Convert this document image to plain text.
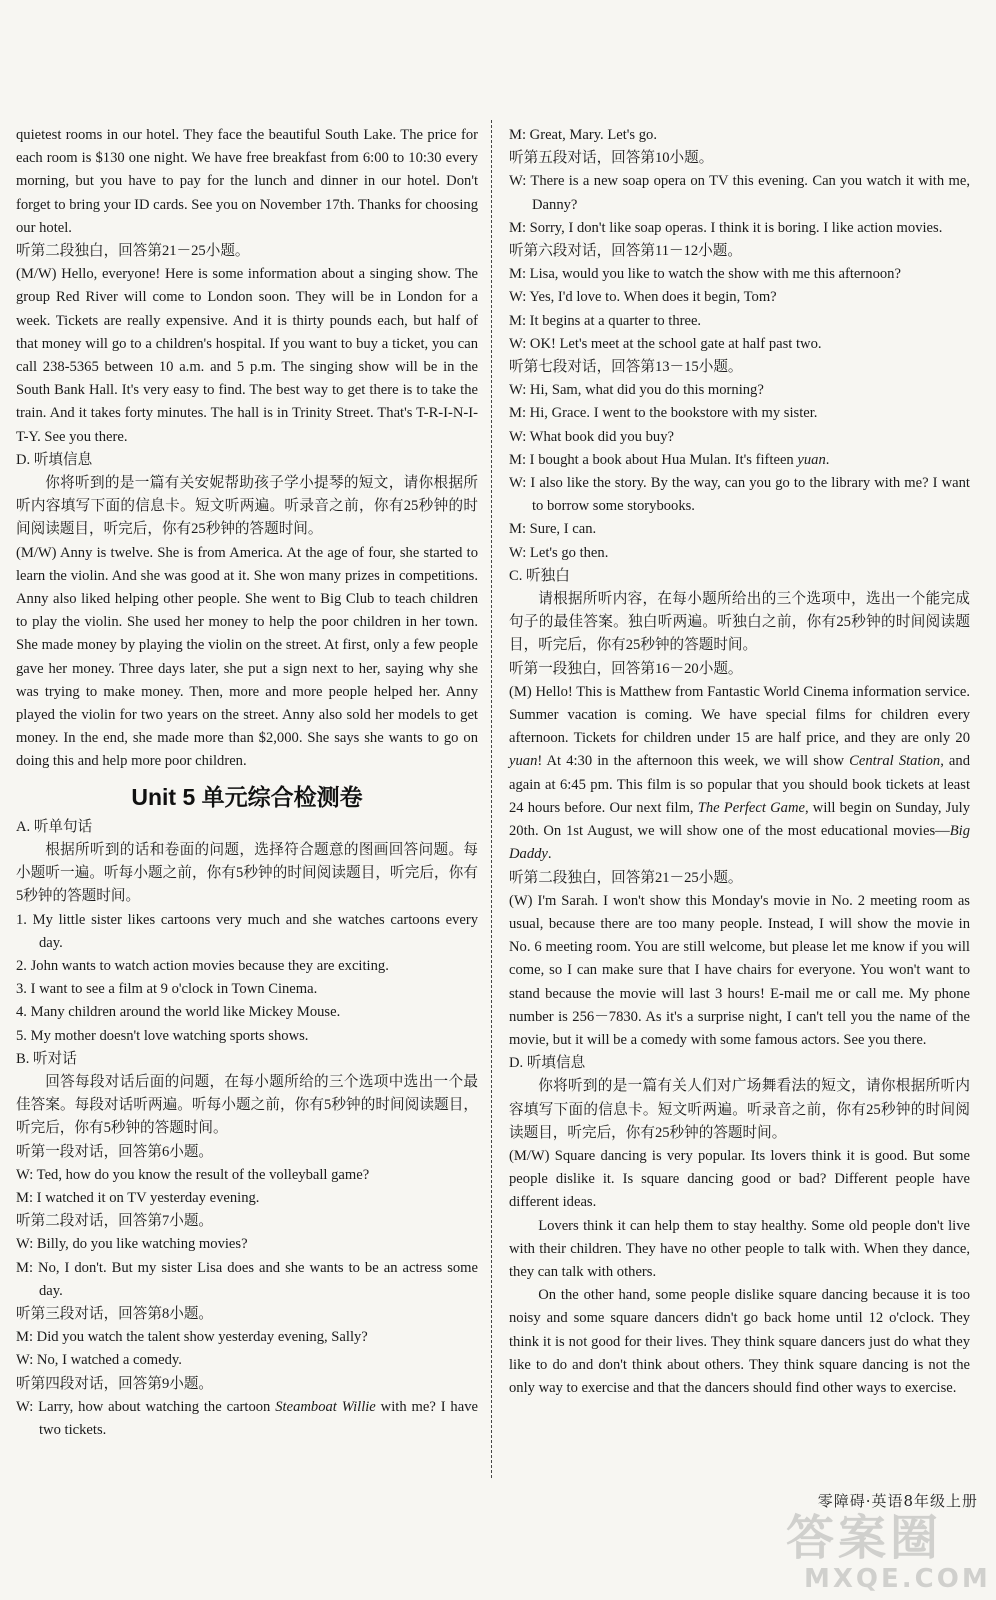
quietest rooms in our hotel. They face the beautiful South Lake. The price for each room is $130 one night. We have free breakfast from 6:00 to 10:30 every morning, but you have to pay for the lunch and dinner in our hotel. Don't forget to bring your ID cards. See you on November 17th. Thanks for choosing our hotel.

听第二段独白，回答第21－25小题。

(M/W) Hello, everyone! Here is some information about a singing show. The group Red River will come to London soon. They will be in London for a week. Tickets are really expensive. And it is thirty pounds each, but half of that money will go to a children's hospital. If you want to buy a ticket, you can call 238-5365 between 10 a.m. and 5 p.m. The singing show will be in the South Bank Hall. It's very easy to find. The best way to get there is to take the train. And it takes forty minutes. The hall is in Trinity Street. That's T-R-I-N-I-T-Y. See you there.

D. 听填信息

你将听到的是一篇有关安妮帮助孩子学小提琴的短文，请你根据所听内容填写下面的信息卡。短文听两遍。听录音之前，你有25秒钟的时间阅读题目，听完后，你有25秒钟的答题时间。

(M/W) Anny is twelve. She is from America. At the age of four, she started to learn the violin. And she was good at it. She won many prizes in competitions. Anny also liked helping other people. She went to Big Club to teach children to play the violin. She used her money to help the poor children in her town. She made money by playing the violin on the street. At first, only a few people gave her money. Three days later, she put a sign next to her, saying why she was trying to make money. Then, more and more people helped her. Anny played the violin for two years on the street. Anny also sold her models to get money. In the end, she made more than $2,000. She says she wants to go on doing this and help more poor children.

Unit 5 单元综合检测卷

A. 听单句话

根据所听到的话和卷面的问题，选择符合题意的图画回答问题。每小题听一遍。听每小题之前，你有5秒钟的时间阅读题目，听完后，你有5秒钟的答题时间。

1. My little sister likes cartoons very much and she watches cartoons every day.

2. John wants to watch action movies because they are exciting.

3. I want to see a film at 9 o'clock in Town Cinema.

4. Many children around the world like Mickey Mouse.

5. My mother doesn't love watching sports shows.

B. 听对话

回答每段对话后面的问题，在每小题所给的三个选项中选出一个最佳答案。每段对话听两遍。听每小题之前，你有5秒钟的时间阅读题目，听完后，你有5秒钟的答题时间。

听第一段对话，回答第6小题。

W: Ted, how do you know the result of the volleyball game?

M: I watched it on TV yesterday evening.

听第二段对话，回答第7小题。

W: Billy, do you like watching movies?

M: No, I don't. But my sister Lisa does and she wants to be an actress some day.

听第三段对话，回答第8小题。

M: Did you watch the talent show yesterday evening, Sally?

W: No, I watched a comedy.

听第四段对话，回答第9小题。

W: Larry, how about watching the cartoon Steamboat Willie with me? I have two tickets.

M: Great, Mary. Let's go.

听第五段对话，回答第10小题。

W: There is a new soap opera on TV this evening. Can you watch it with me, Danny?

M: Sorry, I don't like soap operas. I think it is boring. I like action movies.

听第六段对话，回答第11－12小题。

M: Lisa, would you like to watch the show with me this afternoon?

W: Yes, I'd love to. When does it begin, Tom?

M: It begins at a quarter to three.

W: OK! Let's meet at the school gate at half past two.

听第七段对话，回答第13－15小题。

W: Hi, Sam, what did you do this morning?

M: Hi, Grace. I went to the bookstore with my sister.

W: What book did you buy?

M: I bought a book about Hua Mulan. It's fifteen yuan.

W: I also like the story. By the way, can you go to the library with me? I want to borrow some storybooks.

M: Sure, I can.

W: Let's go then.

C. 听独白

请根据所听内容，在每小题所给出的三个选项中，选出一个能完成句子的最佳答案。独白听两遍。听独白之前，你有25秒钟的时间阅读题目，听完后，你有25秒钟的答题时间。

听第一段独白，回答第16－20小题。

(M) Hello! This is Matthew from Fantastic World Cinema information service. Summer vacation is coming. We have special films for children every afternoon. Tickets for children under 15 are half price, and they are only 20 yuan! At 4:30 in the afternoon this week, we will show Central Station, and again at 6:45 pm. This film is so popular that you should book tickets at least 24 hours before. Our next film, The Perfect Game, will begin on Sunday, July 20th. On 1st August, we will show one of the most educational movies—Big Daddy.

听第二段独白，回答第21－25小题。

(W) I'm Sarah. I won't show this Monday's movie in No. 2 meeting room as usual, because there are too many people. Instead, I will show the movie in No. 6 meeting room. You are still welcome, but please let me know if you will come, so I can make sure that I have chairs for everyone. You won't want to stand because the movie will last 3 hours! E-mail me or call me. My phone number is 256－7830. As it's a surprise night, I can't tell you the name of the movie, but it will be a comedy with some famous actors. See you there.

D. 听填信息

你将听到的是一篇有关人们对广场舞看法的短文，请你根据所听内容填写下面的信息卡。短文听两遍。听录音之前，你有25秒钟的时间阅读题目，听完后，你有25秒钟的答题时间。

(M/W) Square dancing is very popular. Its lovers think it is good. But some people dislike it. Is square dancing good or bad? Different people have different ideas.

Lovers think it can help them to stay healthy. Some old people don't live with their children. They have no other people to talk with. When they dance, they can talk with others.

On the other hand, some people dislike square dancing because it is too noisy and some square dancers didn't go back home until 12 o'clock. They think it is not good for their lives. They think square dancers just do what they like to do and don't think about others. They think square dancing is not the only way to exercise and that the dancers should find other ways to exercise.

零障碍·英语8年级上册
答案圈
MXQE.COM
